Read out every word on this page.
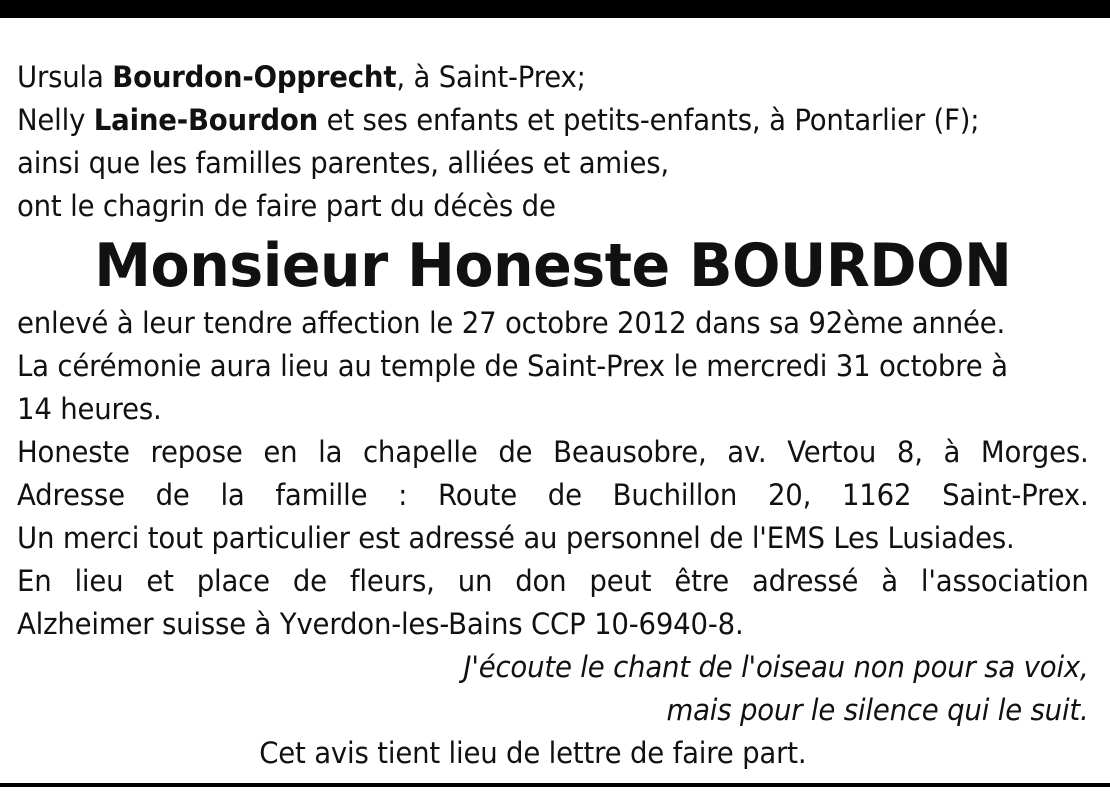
Ursula Bourdon-Opprecht, à Saint-Prex;
Nelly Laine-Bourdon et ses enfants et petits-enfants, à Pontarlier (F);
ainsi que les familles parentes, alliées et amies,
ont le chagrin de faire part du décès de
Monsieur Honeste BOURDON
enlevé à leur tendre affection le 27 octobre 2012 dans sa 92ème année.
La cérémonie aura lieu au temple de Saint-Prex le mercredi 31 octobre à
14 heures.
Honeste repose en la chapelle de Beausobre, av. Vertou 8, à Morges.
Adresse de la famille : Route de Buchillon 20, 1162 Saint-Prex.
Un merci tout particulier est adressé au personnel de l'EMS Les Lusiades.
En lieu et place de fleurs, un don peut être adressé à l'association
Alzheimer suisse à Yverdon-les-Bains CCP 10-6940-8.
J'écoute le chant de l'oiseau non pour sa voix,
mais pour le silence qui le suit.
Cet avis tient lieu de lettre de faire part.
